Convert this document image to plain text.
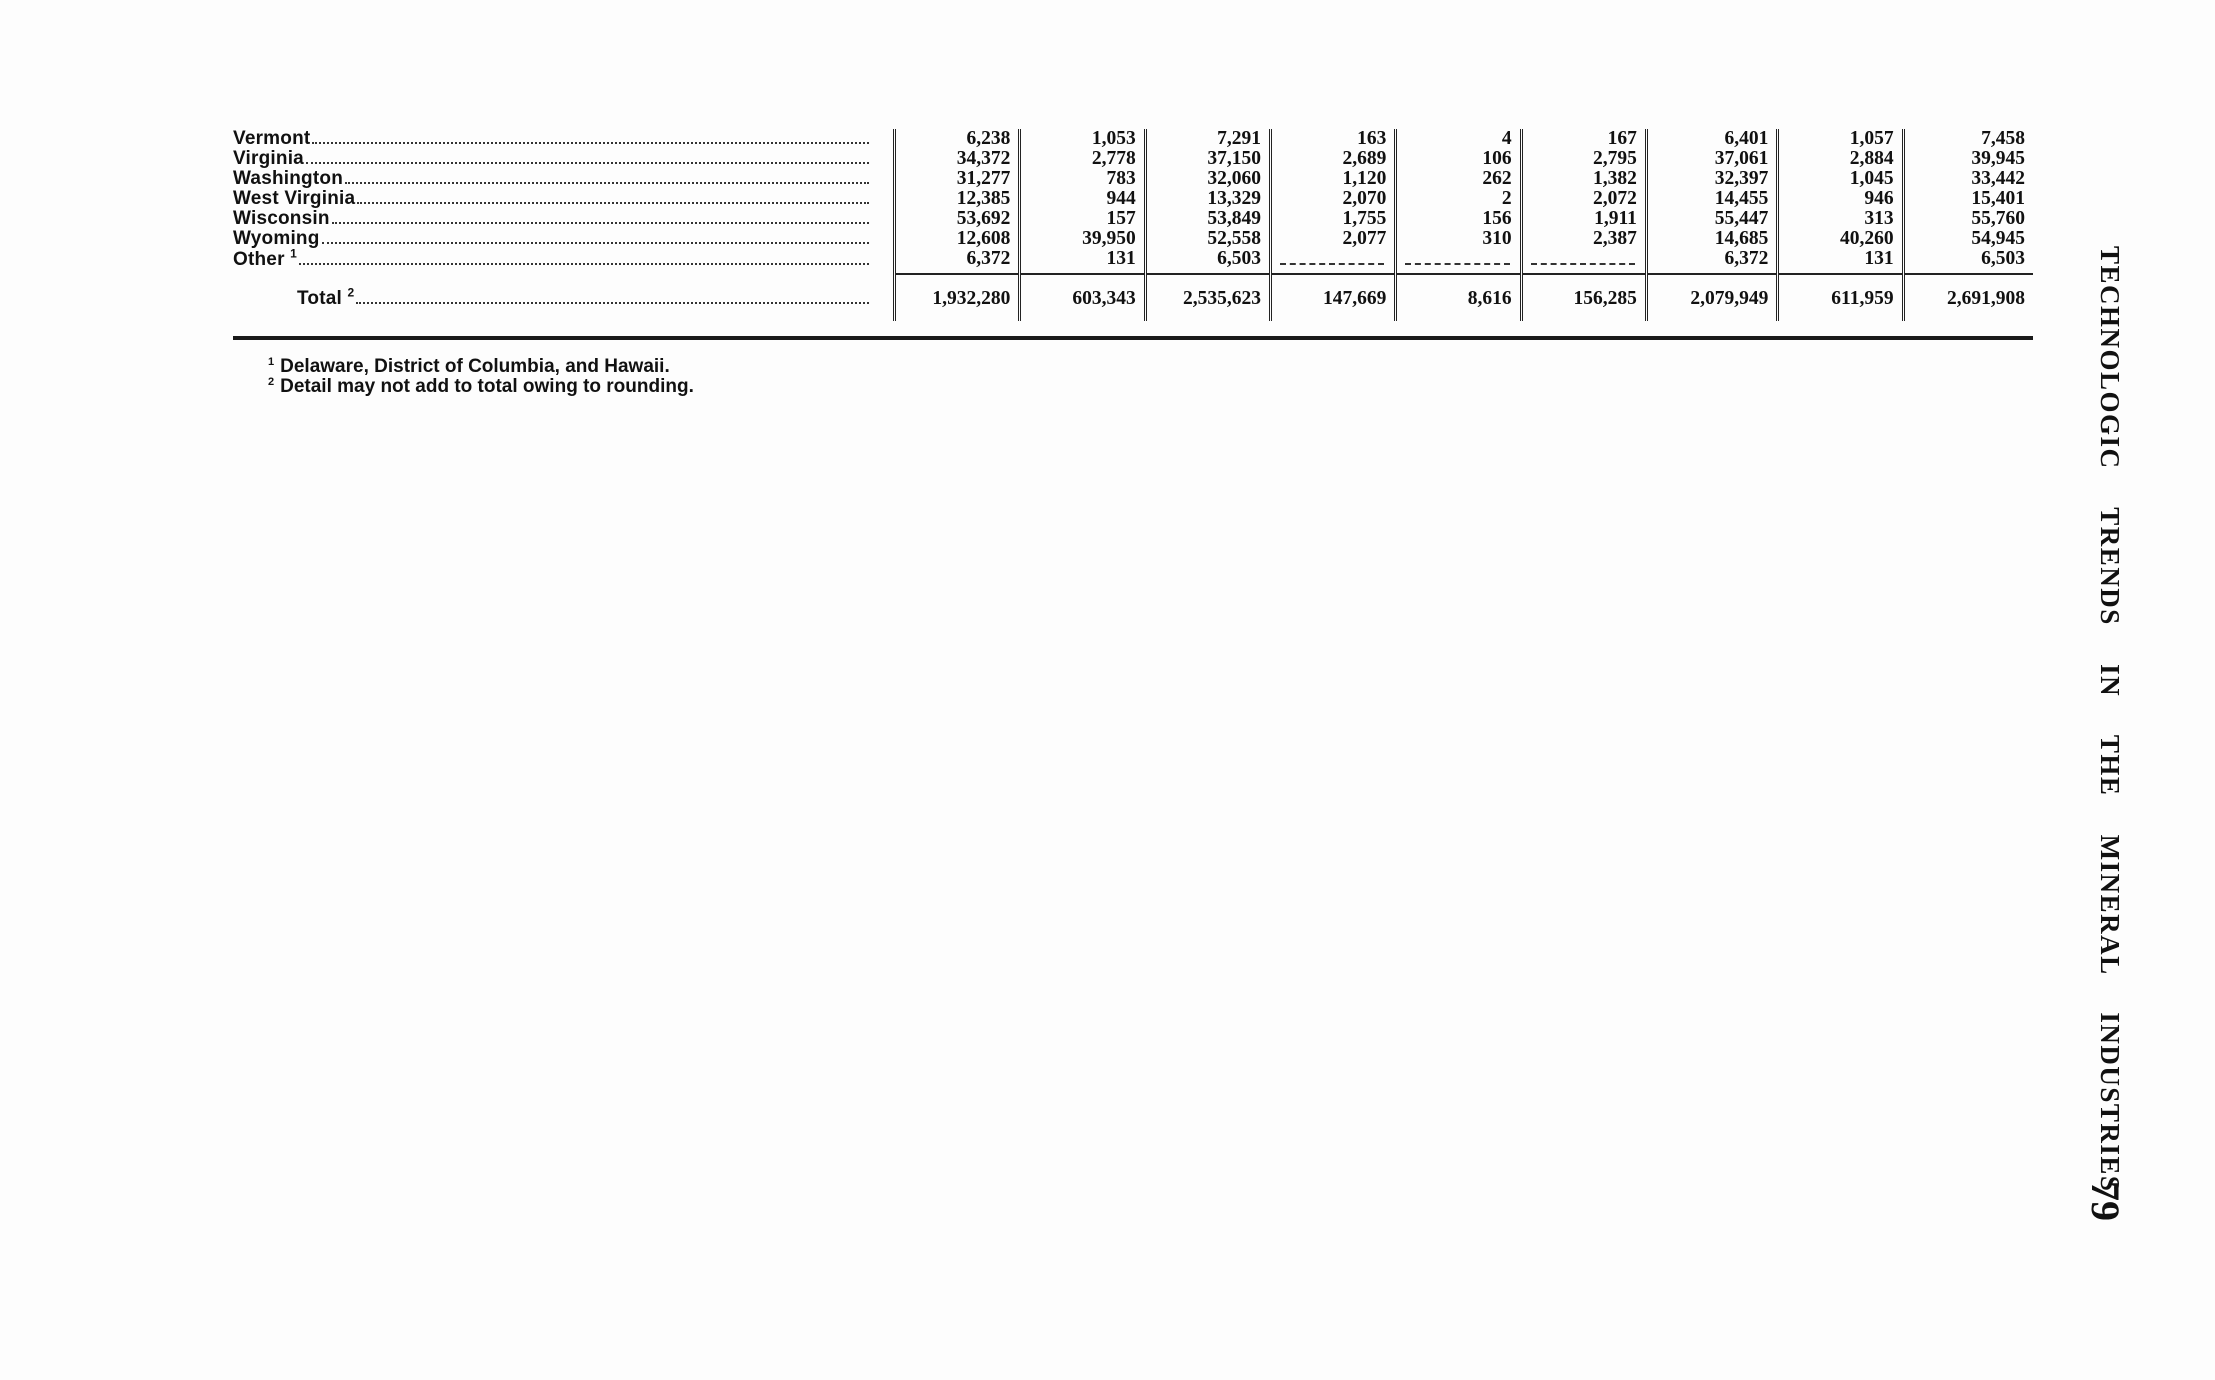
Vermont	6,238	1,053	7,291	163	4	167	6,401	1,057	7,458

Virginia	34,372	2,778	37,150	2,689	106	2,795	37,061	2,884	39,945

Washington	31,277	783	32,060	1,120	262	1,382	32,397	1,045	33,442

West Virginia	12,385	944	13,329	2,070	2	2,072	14,455	946	15,401

Wisconsin	53,692	157	53,849	1,755	156	1,911	55,447	313	55,760

Wyoming	12,608	39,950	52,558	2,077	310	2,387	14,685	40,260	54,945

Other $^1$	6,372	131	6,503				6,372	131	6,503

Total $^2$	1,932,280	603,343	2,535,623	147,669	8,616	156,285	2,079,949	611,959	2,691,908
$^1$ Delaware, District of Columbia, and Hawaii.
$^2$ Detail may not add to total owing to rounding.	TECHNOLOGIC TRENDS IN THE MINERAL INDUSTRIES
79
